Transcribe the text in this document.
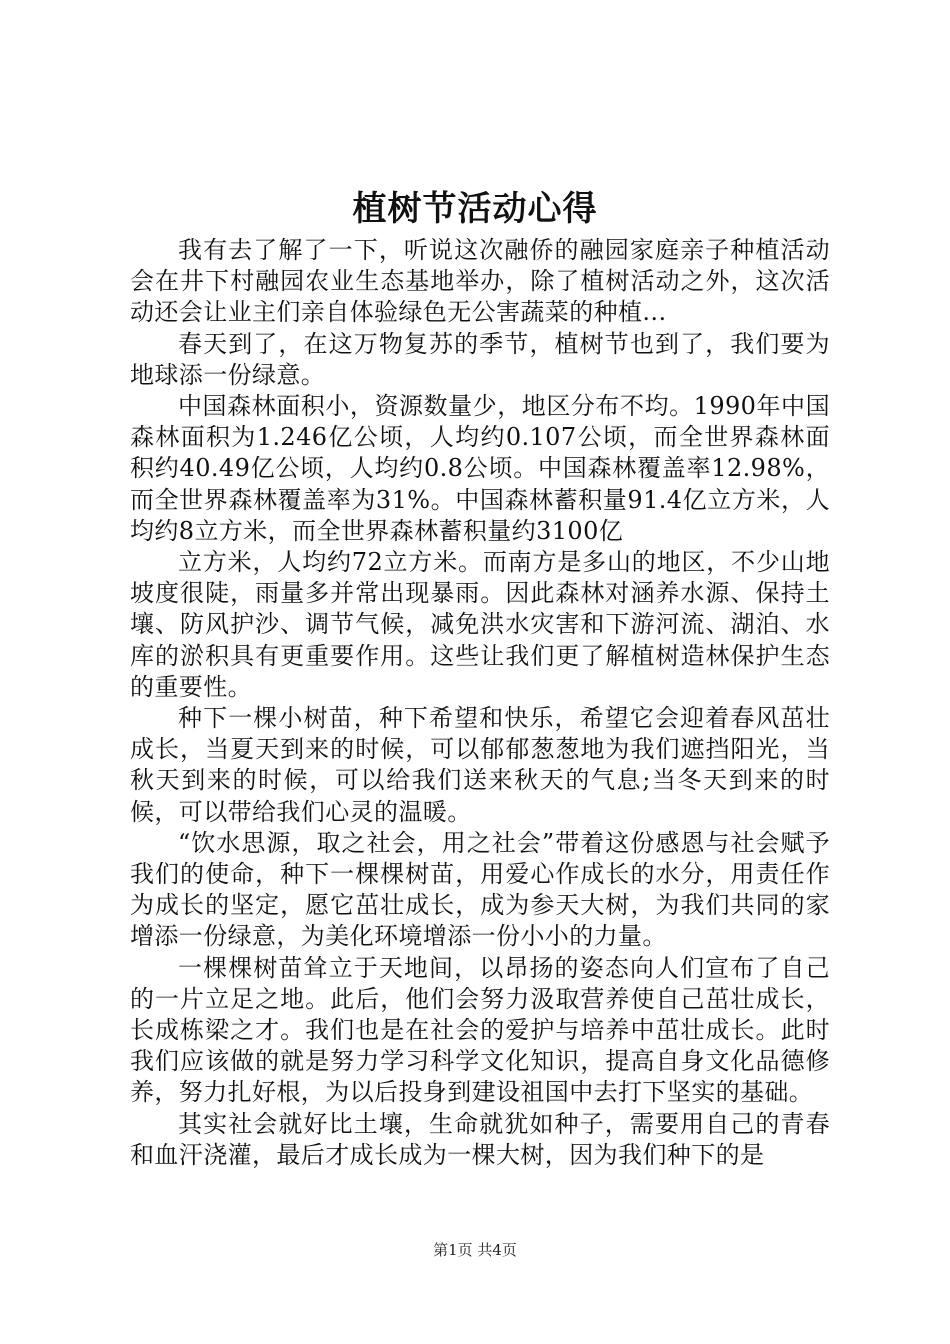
植树节活动心得

我有去了解了一下，听说这次融侨的融园家庭亲子种植活动会在井下村融园农业生态基地举办，除了植树活动之外，这次活动还会让业主们亲自体验绿色无公害蔬菜的种植...

春天到了，在这万物复苏的季节，植树节也到了，我们要为地球添一份绿意。

中国森林面积小，资源数量少，地区分布不均。1990年中国森林面积为1.246亿公顷，人均约0.107公顷，而全世界森林面积约40.49亿公顷，人均约0.8公顷。中国森林覆盖率12.98%，而全世界森林覆盖率为31%。中国森林蓄积量91.4亿立方米，人均约8立方米，而全世界森林蓄积量约3100亿

立方米，人均约72立方米。而南方是多山的地区，不少山地坡度很陡，雨量多并常出现暴雨。因此森林对涵养水源、保持土壤、防风护沙、调节气候，减免洪水灾害和下游河流、湖泊、水库的淤积具有更重要作用。这些让我们更了解植树造林保护生态的重要性。

种下一棵小树苗，种下希望和快乐，希望它会迎着春风茁壮成长，当夏天到来的时候，可以郁郁葱葱地为我们遮挡阳光，当秋天到来的时候，可以给我们送来秋天的气息;当冬天到来的时候，可以带给我们心灵的温暖。

“饮水思源，取之社会，用之社会”带着这份感恩与社会赋予我们的使命，种下一棵棵树苗，用爱心作成长的水分，用责任作为成长的坚定，愿它茁壮成长，成为参天大树，为我们共同的家增添一份绿意，为美化环境增添一份小小的力量。

一棵棵树苗耸立于天地间，以昂扬的姿态向人们宣布了自己的一片立足之地。此后，他们会努力汲取营养使自己茁壮成长，长成栋梁之才。我们也是在社会的爱护与培养中茁壮成长。此时我们应该做的就是努力学习科学文化知识，提高自身文化品德修养，努力扎好根，为以后投身到建设祖国中去打下坚实的基础。

其实社会就好比土壤，生命就犹如种子，需要用自己的青春和血汗浇灌，最后才成长成为一棵大树，因为我们种下的是

第1页 共4页
